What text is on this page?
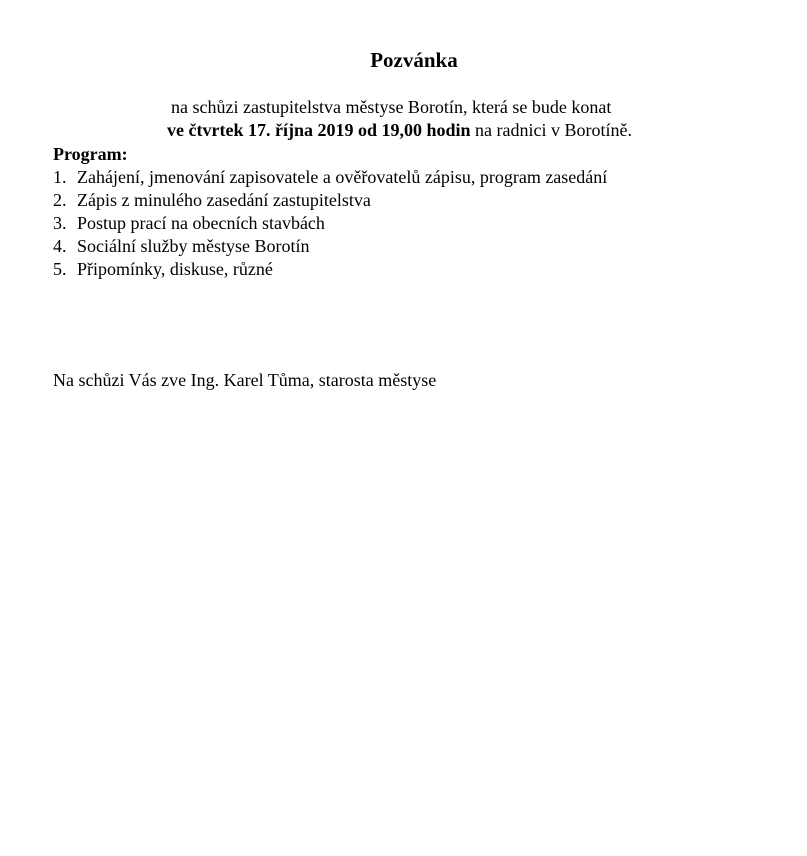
Pozvánka
na schůzi zastupitelstva městyse Borotín, která se bude konat
ve čtvrtek 17. října 2019 od 19,00 hodin na radnici v Borotíně.
Program:
1. Zahájení, jmenování zapisovatele a ověřovatelů zápisu, program zasedání
2. Zápis z minulého zasedání zastupitelstva
3. Postup prací na obecních stavbách
4. Sociální služby městyse Borotín
5. Připomínky, diskuse, různé
Na schůzi Vás zve Ing. Karel Tůma, starosta městyse
